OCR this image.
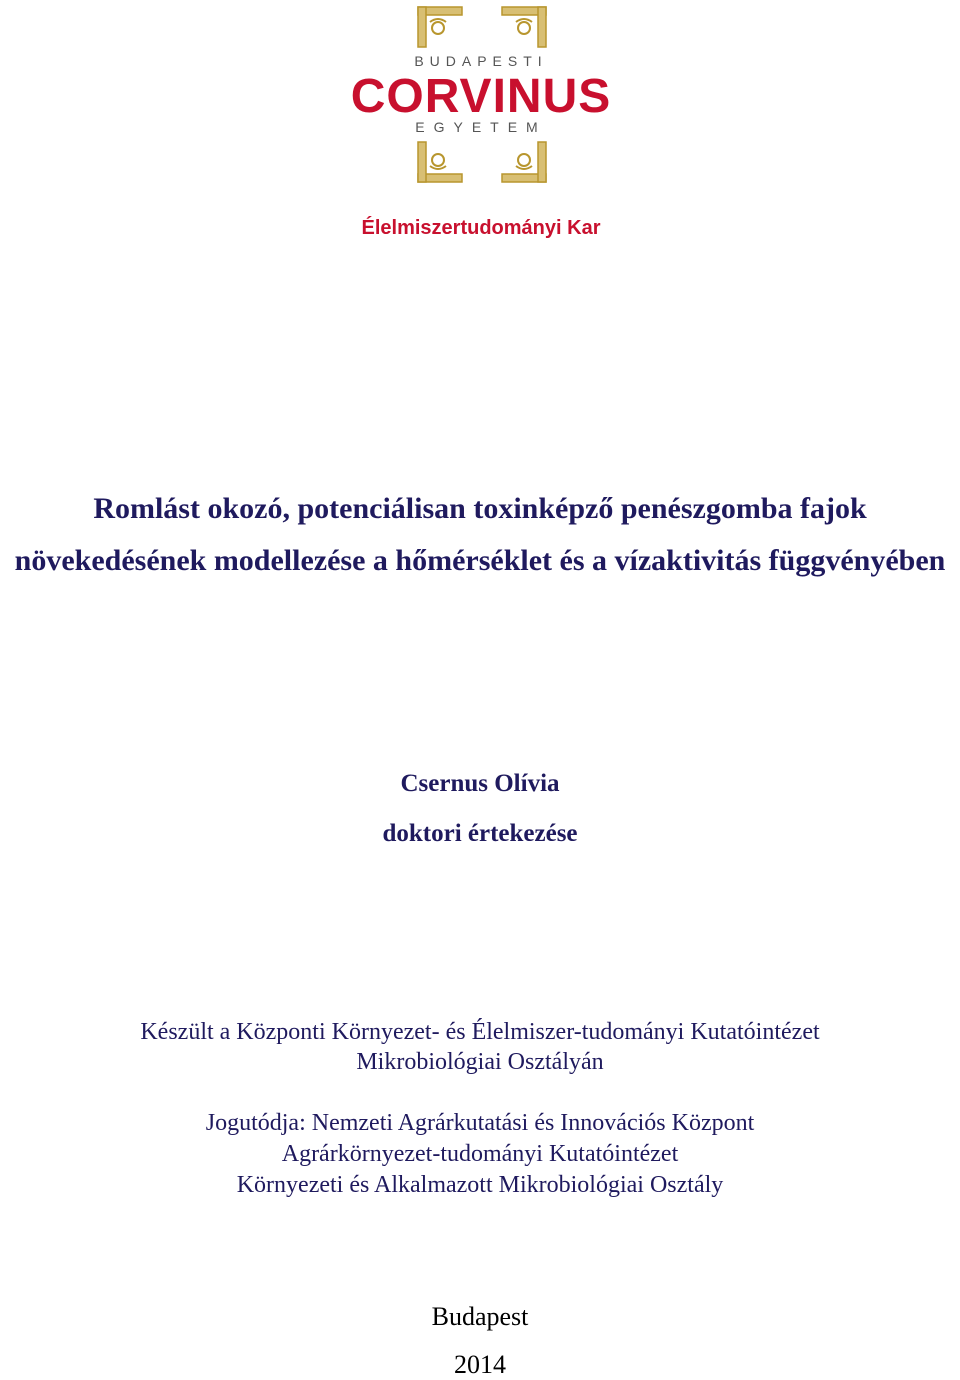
BUDAPESTI
CORVINUS
EGYETEM
Élelmiszertudományi Kar
Romlást okozó, potenciálisan toxinképző penészgomba fajok
növekedésének modellezése a hőmérséklet és a vízaktivitás függvényében
Csernus Olívia
doktori értekezése
Készült a Központi Környezet- és Élelmiszer-tudományi Kutatóintézet
Mikrobiológiai Osztályán
Jogutódja: Nemzeti Agrárkutatási és Innovációs Központ
Agrárkörnyezet-tudományi Kutatóintézet
Környezeti és Alkalmazott Mikrobiológiai Osztály
Budapest
2014
